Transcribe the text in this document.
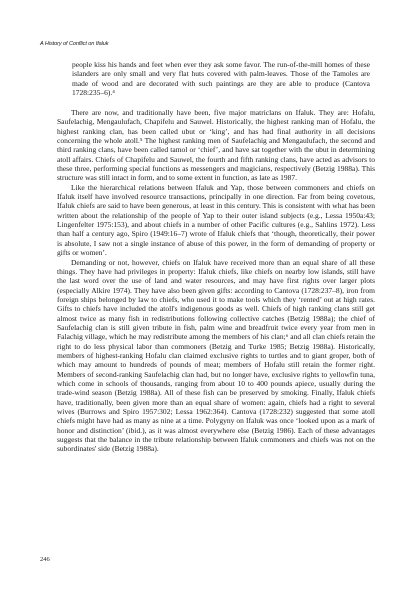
A History of Conflict on Ifaluk
people kiss his hands and feet when ever they ask some favor. The run-of-the-mill homes of these islanders are only small and very flat huts covered with palm-leaves. Those of the Tamoles are made of wood and are decorated with such paintings are they are able to produce (Cantova 1728:235–6).⁴

There are now, and traditionally have been, five major matriclans on Ifaluk. They are: Hofalu, Saufelachig, Mengaulufach, Chapifelu and Sauwel. Historically, the highest ranking man of Hofalu, the highest ranking clan, has been called ubut or ‘king’, and has had final authority in all decisions concerning the whole atoll.⁵ The highest ranking men of Saufelachig and Mengaulufach, the second and third ranking clans, have been called tamol or ‘chief’, and have sat together with the ubut in determining atoll affairs. Chiefs of Chapifelu and Sauwel, the fourth and fifth ranking clans, have acted as advisors to these three, performing special functions as messengers and magicians, respectively (Betzig 1988a). This structure was still intact in form, and to some extent in function, as late as 1987.

Like the hierarchical relations between Ifaluk and Yap, those between commoners and chiefs on Ifaluk itself have involved resource transactions, principally in one direction. Far from being covetous, Ifaluk chiefs are said to have been generous, at least in this century. This is consistent with what has been written about the relationship of the people of Yap to their outer island subjects (e.g., Lessa 1950a:43; Lingenfelter 1975:153), and about chiefs in a number of other Pacific cultures (e.g., Sahlins 1972). Less than half a century ago, Spiro (1949:16–7) wrote of Ifaluk chiefs that ‘though, theoretically, their power is absolute, I saw not a single instance of abuse of this power, in the form of demanding of property or gifts or women’.

Demanding or not, however, chiefs on Ifaluk have received more than an equal share of all these things. They have had privileges in property: Ifaluk chiefs, like chiefs on nearby low islands, still have the last word over the use of land and water resources, and may have first rights over larger plots (especially Alkire 1974). They have also been given gifts: according to Cantova (1728:237–8), iron from foreign ships belonged by law to chiefs, who used it to make tools which they ‘rented’ out at high rates. Gifts to chiefs have included the atoll's indigenous goods as well. Chiefs of high ranking clans still get almost twice as many fish in redistributions following collective catches (Betzig 1988a); the chief of Saufelachig clan is still given tribute in fish, palm wine and breadfruit twice every year from men in Falachig village, which he may redistribute among the members of his clan;⁶ and all clan chiefs retain the right to do less physical labor than commoners (Betzig and Turke 1985; Betzig 1988a). Historically, members of highest-ranking Hofalu clan claimed exclusive rights to turtles and to giant groper, both of which may amount to hundreds of pounds of meat; members of Hofalu still retain the former right. Members of second-ranking Saufelachig clan had, but no longer have, exclusive rights to yellowfin tuna, which come in schools of thousands, ranging from about 10 to 400 pounds apiece, usually during the trade-wind season (Betzig 1988a). All of these fish can be preserved by smoking. Finally, Ifaluk chiefs have, traditionally, been given more than an equal share of women: again, chiefs had a right to several wives (Burrows and Spiro 1957:302; Lessa 1962:364). Cantova (1728:232) suggested that some atoll chiefs might have had as many as nine at a time. Polygyny on Ifaluk was once ‘looked upon as a mark of honor and distinction’ (ibid.), as it was almost everywhere else (Betzig 1986). Each of these advantages suggests that the balance in the tribute relationship between Ifaluk commoners and chiefs was not on the subordinates' side (Betzig 1988a).

246
